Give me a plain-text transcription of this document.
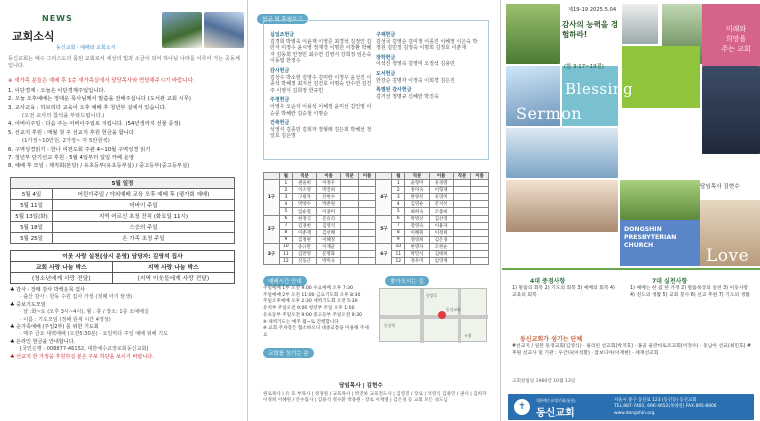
NEWS
교회소식
동신교회 · 예배와 교회소식

동신교회는 예수 그리스도의 몸된 교회로서 세상의 빛과 소금이 되어 하나님 나라를 이루어 가는 공동체입니다.

※ 새가족 분들은 예배 후 1층 새가족실에서 담당목사와 면담해주시기 바랍니다.

1. 이단경계 : 오늘은 이단경계주일입니다.
2. 오늘 오후예배는 정대운 목사님께서 말씀을 전해주십니다 (도서관 교회 시무)
3. 교사교육 : 하브리더 교육이 오후 예배 후 청년부 실에서 있습니다.
(오전 교사의 참석을 부탁드립니다.)
4. 어버이주일 : 다음 주는 어버이주일로 지킵니다. (54년생까지 선물 증정)
5. 선교지 후원 : 매월 첫 주 선교지 후원 헌금을 합니다
(1가정~10만원, 2가정~ 각 5만원씩)
6. 구역성경읽기 : 한나 여전도회 주관 4~10월 구역성경 읽기
7. 청년부 단기선교 후원 : 5월 4일부터 일일 카페 운영
8. 예배 후 모임 : 제직회(본당) / 유초등부(유초등부실) / 중고등부(중고등부실)
5월 일정	
5월 4일	어린이주일 / 야외예배 교육 오후 예배 후 (평가회 예배)
5월 11일	어버이 주일
5월 13일(화)	지역 어르신 초청 잔치 (화요일 11시)
5월 18일	스승의 주일
5월 25일	온 가족 초청 주일
이웃 사랑 실천(상시 운영) 담당자: 김영석 집사	
교회 사랑 나눔 박스	지역 사랑 나눔 박스
(청소년에게 사랑 전달)	(지역 이웃들에게 사랑 전달)
♣ 감사 · 장례 감사 박백운목 집사
· 출산 감사 : 한동 수원 집사 가정 (첫째 아기 탄생)
♣ 중보기도모임
· 날 :화~토 (오후 3시~4시), 월 : 휴 / 장소: 1층 소예배실
· 이름 : 기도모임 (정해 원세 시간 4정성)
♣ 순가족예배 (주일2부) 를 위한 기도회
· 매주 금요 새벽예배 (오전5:30분) · 요일마다 주일 예배 위해 기도
♣ 온라인 헌금을 안내합니다.
[국민은행 : 008877-46152, 대한예수교장로회동신교회]
♣ 선교지 한 가정을 후원하실 분은 주보 하단을 보시기 바랍니다.
헌금 및 후원보고
십일조헌금
김경희 박병욱 이윤재 이영준 최경석 김정인 김민자 이정수 윤시영 정재경 이명원 이장환 박혜자 김동희 안정민 최수연 김영식 강희정 임은숙 이동엽 한정수
감사헌금
김상수 박소현 김영수 김미란 이정우 윤성진 이종석 박혜정 최지선 김진호 이명숙 안수연 김진주 이영식 김희정 한규민
주정헌금
이영우 오순자 이용석 이혜정 윤미선 김인영 이승문 박혜란 김승철 이명순
건축헌금
석영식 김종민 김희자 정형래 김은희 박혜선 정일호 김은영
구제헌금
김성국 김영순 김미정 이종진 이혜정 이은숙 박정원 김민정 김정숙 이명희 김정호 이춘재
장학헌금
이석진 정영숙 김영미 오정석 김용민
도서헌금
한강순 김명자 이정숙 이희경 김은진
특별된 감사헌금
김기선 정명규 신혜란 박진숙
	월	직분	이름	직분	이름		월	직분	이름	직분	이름
1구	1	권윤희	이정우			4구	1	윤형미	유경열		
	2	이소영	박진희				2	홍미숙	이형재		
	3	구필자	신현수				3	한양선	유영미		
	4	박양수	박춘원				4	김영순	문지선		
	5	임순철	이종미				5	최희숙	조종희		
2구	6	한정식	문유리			5구	6	박명선	김선영		
	7	김경현	김영석				7	강영숙	이용자		
	8	이춘재	김선혜				8	이혜원	이정희		
	9	김정현	이혜정				9	정영희	김은경		
3구	10	송규만	이재균			6구	10	한명자	오현순		
	11	김만영	문명화				11	박민석	김태희		
	12	신동근	박미숙				12	정우미	임영재		
예배시간 안내
주일예배 1부 오전 9:00 수요예배 오후 7:30
주일예배 2부 오전 11:00 금요기도회 오후 8:30
주일오후예배 오후 2:30 새벽기도회 오전 5:30
유치부 주일오전 9:00 청년부 주일 오후 1:00
유초등부 주일오전 9:00 중고등부 주일오전 9:30
※ 새벽기도는 매주 월~토 진행합니다
※ 교회 주차장은 협소하오니 대중교통을 이용해 주세요
찾아오시는 길
동신교회
동신역
중앙로
시청
교회를 섬기는 분

담임목사 | 김현수

원로목사 | 유 호 부목사 | 정경원 / 교육목사 | 박진하 교육전도사 | 김영진 / 장로 | 석영식 김종민 / 권사 | 김희자 이정희 이혜원 / 안수집사 | 김용석 정수환 박종원 · 장로 이재열 | 김은경 등 교회 모든 성도님

제19-19 2025.5.04

감사의 능력을 경험하라!

(합 3:17~19절)
미래와
희망을
주는 교회
Blessing
Sermon
Worship
Love
DONGSHIN
PRESBYTERIAN
CHURCH
담임목사 김현수
4대 중점사항

1) 말씀의 회복 2) 기도의 회복 3) 예배의 회복 4) 교육의 회복

7대 실천사항

1) 예배는 한 집 한 가정 2) 말씀묵상의 실천 3) 이웃사랑 4) 전도의 생활 5) 교회 봉사 6) 선교 후원 7) 기도의 생활

동신교회가 섬기는 단체

#선교지 / 일본 동경교회(김영식) · 필리핀 선교회(박지호) · 몽골 울란바토르교회(이정수) · 동남아 선교(최민호) #후원 선교사 및 기관 : 우간다(이성환) · 캄보디아(이재현) · 세계선교회

교회창립일 1960년 10월 13일
✝
대한예수교장로회(통합)
동신교회
서울시 중구 동신로 123 (동신동) 동신교회
TEL.887-7481, 696-4652(목양실) FAX.895-8606
www.dongshin.org
